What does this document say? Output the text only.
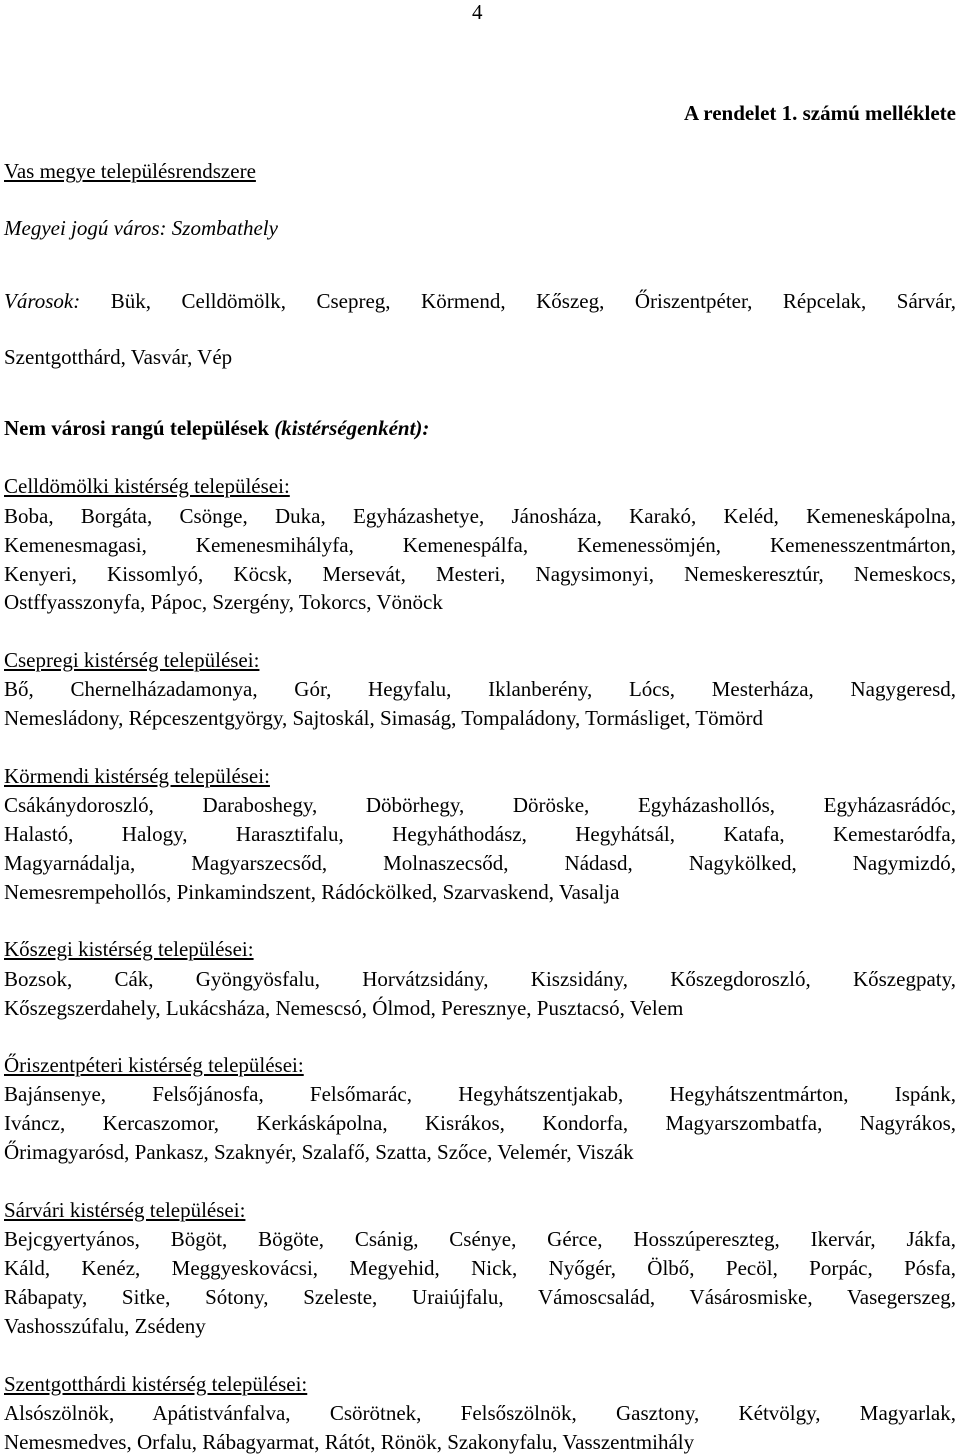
4
A rendelet 1. számú melléklete
Vas megye településrendszere
Megyei jogú város: Szombathely
Városok: Bük, Celldömölk, Csepreg, Körmend, Kőszeg, Őriszentpéter, Répcelak, Sárvár,
Szentgotthárd, Vasvár, Vép
Nem városi rangú települések (kistérségenként):
Celldömölki kistérség települései:
Boba, Borgáta, Csönge, Duka, Egyházashetye, Jánosháza, Karakó, Keléd, Kemeneskápolna,
Kemenesmagasi, Kemenesmihályfa, Kemenespálfa, Kemenessömjén, Kemenesszentmárton,
Kenyeri, Kissomlyó, Köcsk, Mersevát, Mesteri, Nagysimonyi, Nemeskeresztúr, Nemeskocs,
Ostffyasszonyfa, Pápoc, Szergény, Tokorcs, Vönöck
Csepregi kistérség települései:
Bő, Chernelházadamonya, Gór, Hegyfalu, Iklanberény, Lócs, Mesterháza, Nagygeresd,
Nemesládony, Répceszentgyörgy, Sajtoskál, Simaság, Tompaládony, Tormásliget, Tömörd
Körmendi kistérség települései:
Csákánydoroszló, Daraboshegy, Döbörhegy, Döröske, Egyházashollós, Egyházasrádóc,
Halastó, Halogy, Harasztifalu, Hegyháthodász, Hegyhátsál, Katafa, Kemestaródfa,
Magyarnádalja, Magyarszecsőd, Molnaszecsőd, Nádasd, Nagykölked, Nagymizdó,
Nemesrempehollós, Pinkamindszent, Rádóckölked, Szarvaskend, Vasalja
Kőszegi kistérség települései:
Bozsok, Cák, Gyöngyösfalu, Horvátzsidány, Kiszsidány, Kőszegdoroszló, Kőszegpaty,
Kőszegszerdahely, Lukácsháza, Nemescsó, Ólmod, Peresznye, Pusztacsó, Velem
Őriszentpéteri kistérség települései:
Bajánsenye, Felsőjánosfa, Felsőmarác, Hegyhátszentjakab, Hegyhátszentmárton, Ispánk,
Iváncz, Kercaszomor, Kerkáskápolna, Kisrákos, Kondorfa, Magyarszombatfa, Nagyrákos,
Őrimagyarósd, Pankasz, Szaknyér, Szalafő, Szatta, Szőce, Velemér, Viszák
Sárvári kistérség települései:
Bejcgyertyános, Bögöt, Bögöte, Csánig, Csénye, Gérce, Hosszúpereszteg, Ikervár, Jákfa,
Káld, Kenéz, Meggyeskovácsi, Megyehid, Nick, Nyőgér, Ölbő, Pecöl, Porpác, Pósfa,
Rábapaty, Sitke, Sótony, Szeleste, Uraiújfalu, Vámoscsalád, Vásárosmiske, Vasegerszeg,
Vashosszúfalu, Zsédeny
Szentgotthárdi kistérség települései:
Alsószölnök, Apátistvánfalva, Csörötnek, Felsőszölnök, Gasztony, Kétvölgy, Magyarlak,
Nemesmedves, Orfalu, Rábagyarmat, Rátót, Rönök, Szakonyfalu, Vasszentmihály
